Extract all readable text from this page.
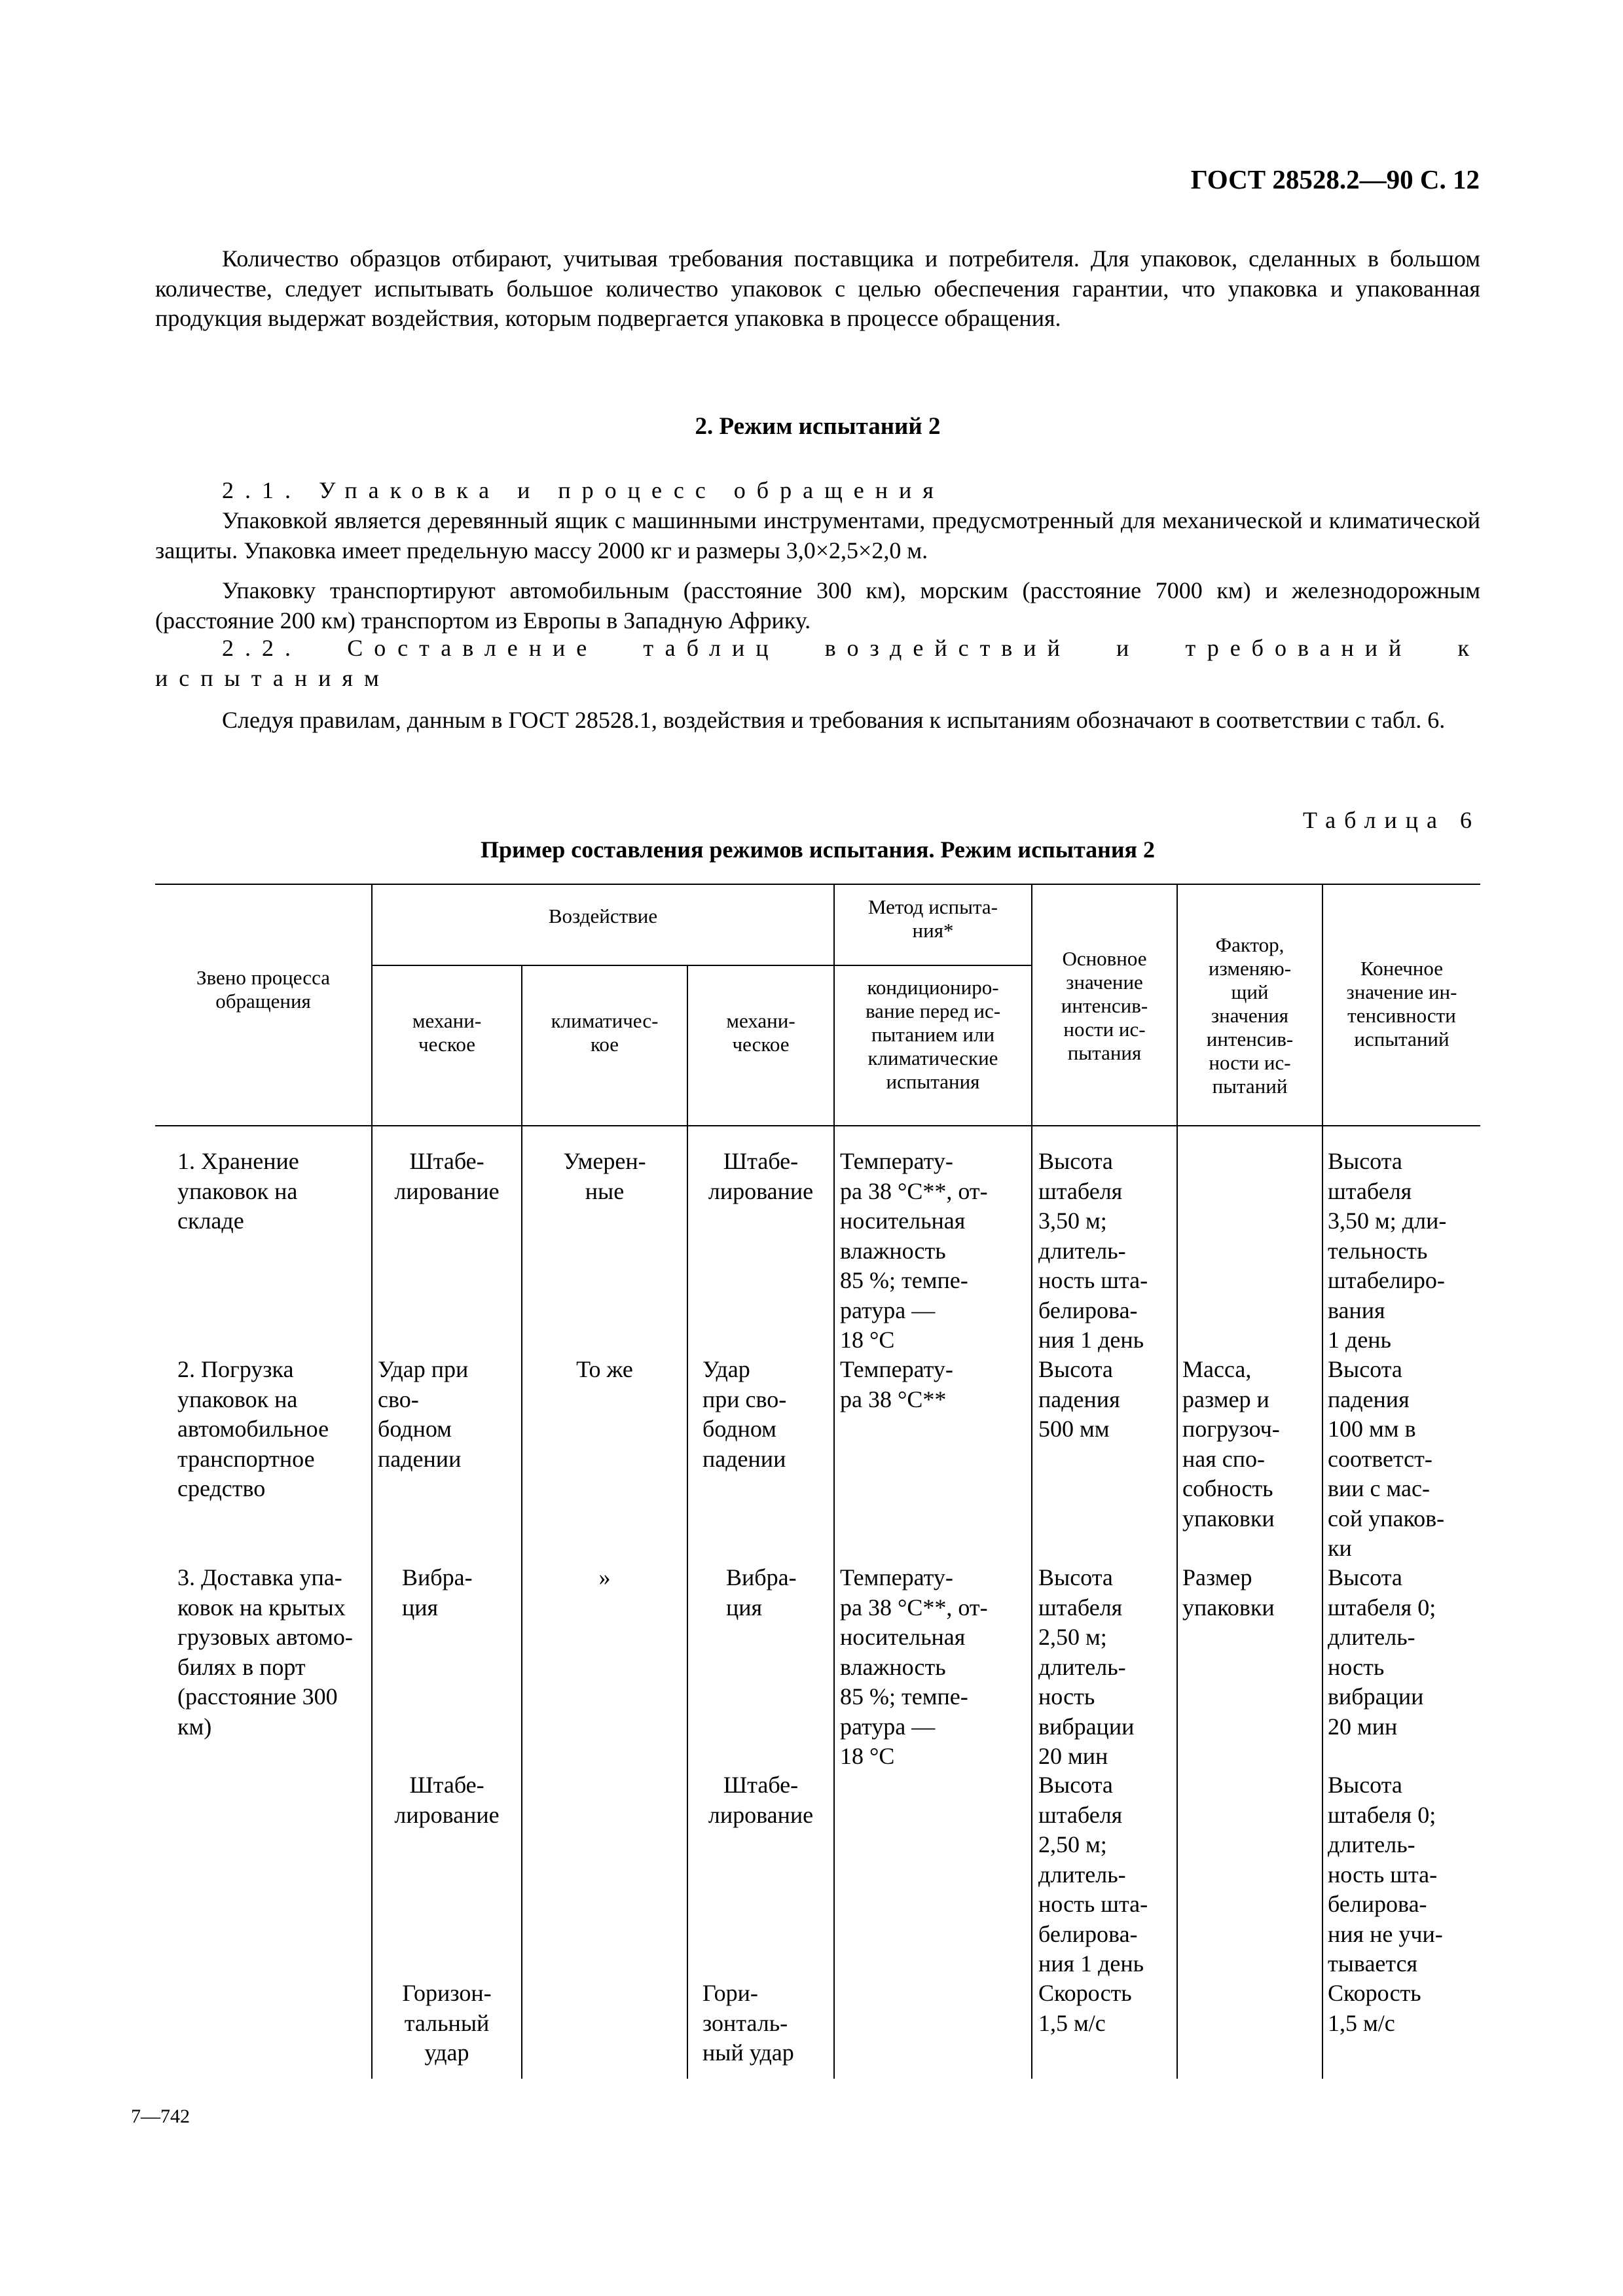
ГОСТ 28528.2—90 С. 12

Количество образцов отбирают, учитывая требования поставщика и потребителя. Для упаковок, сделанных в большом количестве, следует испытывать большое количество упаковок с целью обеспечения гарантии, что упаковка и упакованная продукция выдержат воздействия, которым подвергается упаковка в процессе обращения.

2. Режим испытаний 2

2.1. Упаковка и процесс обращения

Упаковкой является деревянный ящик с машинными инструментами, предусмотренный для механической и климатической защиты. Упаковка имеет предельную массу 2000 кг и размеры 3,0×2,5×2,0 м.

Упаковку транспортируют автомобильным (расстояние 300 км), морским (расстояние 7000 км) и железнодорожным (расстояние 200 км) транспортом из Европы в Западную Африку.

2.2. Составление таблиц воздействий и требований к испытаниям

Следуя правилам, данным в ГОСТ 28528.1, воздействия и требования к испытаниям обозначают в соответствии с табл. 6.

Таблица 6
Пример составления режимов испытания. Режим испытания 2
Звено процесса обращения
Воздействие
механи-
ческое
климатичес-
кое
механи-
ческое
Метод испыта-
ния*
кондициониро-
вание перед ис-
пытанием или
климатические
испытания
Основное
значение
интенсив-
ности ис-
пытания
Фактор,
изменяю-
щий
значения
интенсив-
ности ис-
пытаний
Конечное
значение ин-
тенсивности
испытаний
1. Хранение
упаковок на
складе
Штабе-
лирование
Умерен-
ные
Штабе-
лирование
Температу-
ра 38 °С**, от-
носительная
влажность
85 %; темпе-
ратура —
18 °С
Высота
штабеля
3,50 м;
длитель-
ность шта-
белирова-
ния 1 день
Высота
штабеля
3,50 м; дли-
тельность
штабелиро-
вания
1 день
2. Погрузка
упаковок на
автомобильное
транспортное
средство
Удар при
сво-
бодном
падении
То же	Удар
при сво-
бодном
падении
Температу-
ра 38 °С**
Высота
падения
500 мм
Масса,
размер и
погрузоч-
ная спо-
собность
упаковки
Высота
падения
100 мм в
соответст-
вии с мас-
сой упаков-
ки
3. Доставка упа-
ковок на крытых
грузовых автомо-
билях в порт
(расстояние 300
км)
Вибра-
ция
»	Вибра-
ция
Температу-
ра 38 °С**, от-
носительная
влажность
85 %; темпе-
ратура —
18 °С
Высота
штабеля
2,50 м;
длитель-
ность
вибрации
20 мин
Размер
упаковки
Высота
штабеля 0;
длитель-
ность
вибрации
20 мин
Штабе-
лирование
Штабе-
лирование
Высота
штабеля
2,50 м;
длитель-
ность шта-
белирова-
ния 1 день
Высота
штабеля 0;
длитель-
ность шта-
белирова-
ния не учи-
тывается
Горизон-
тальный
удар
Гори-
зонталь-
ный удар
Скорость
1,5 м/с
Скорость
1,5 м/с
7—742
